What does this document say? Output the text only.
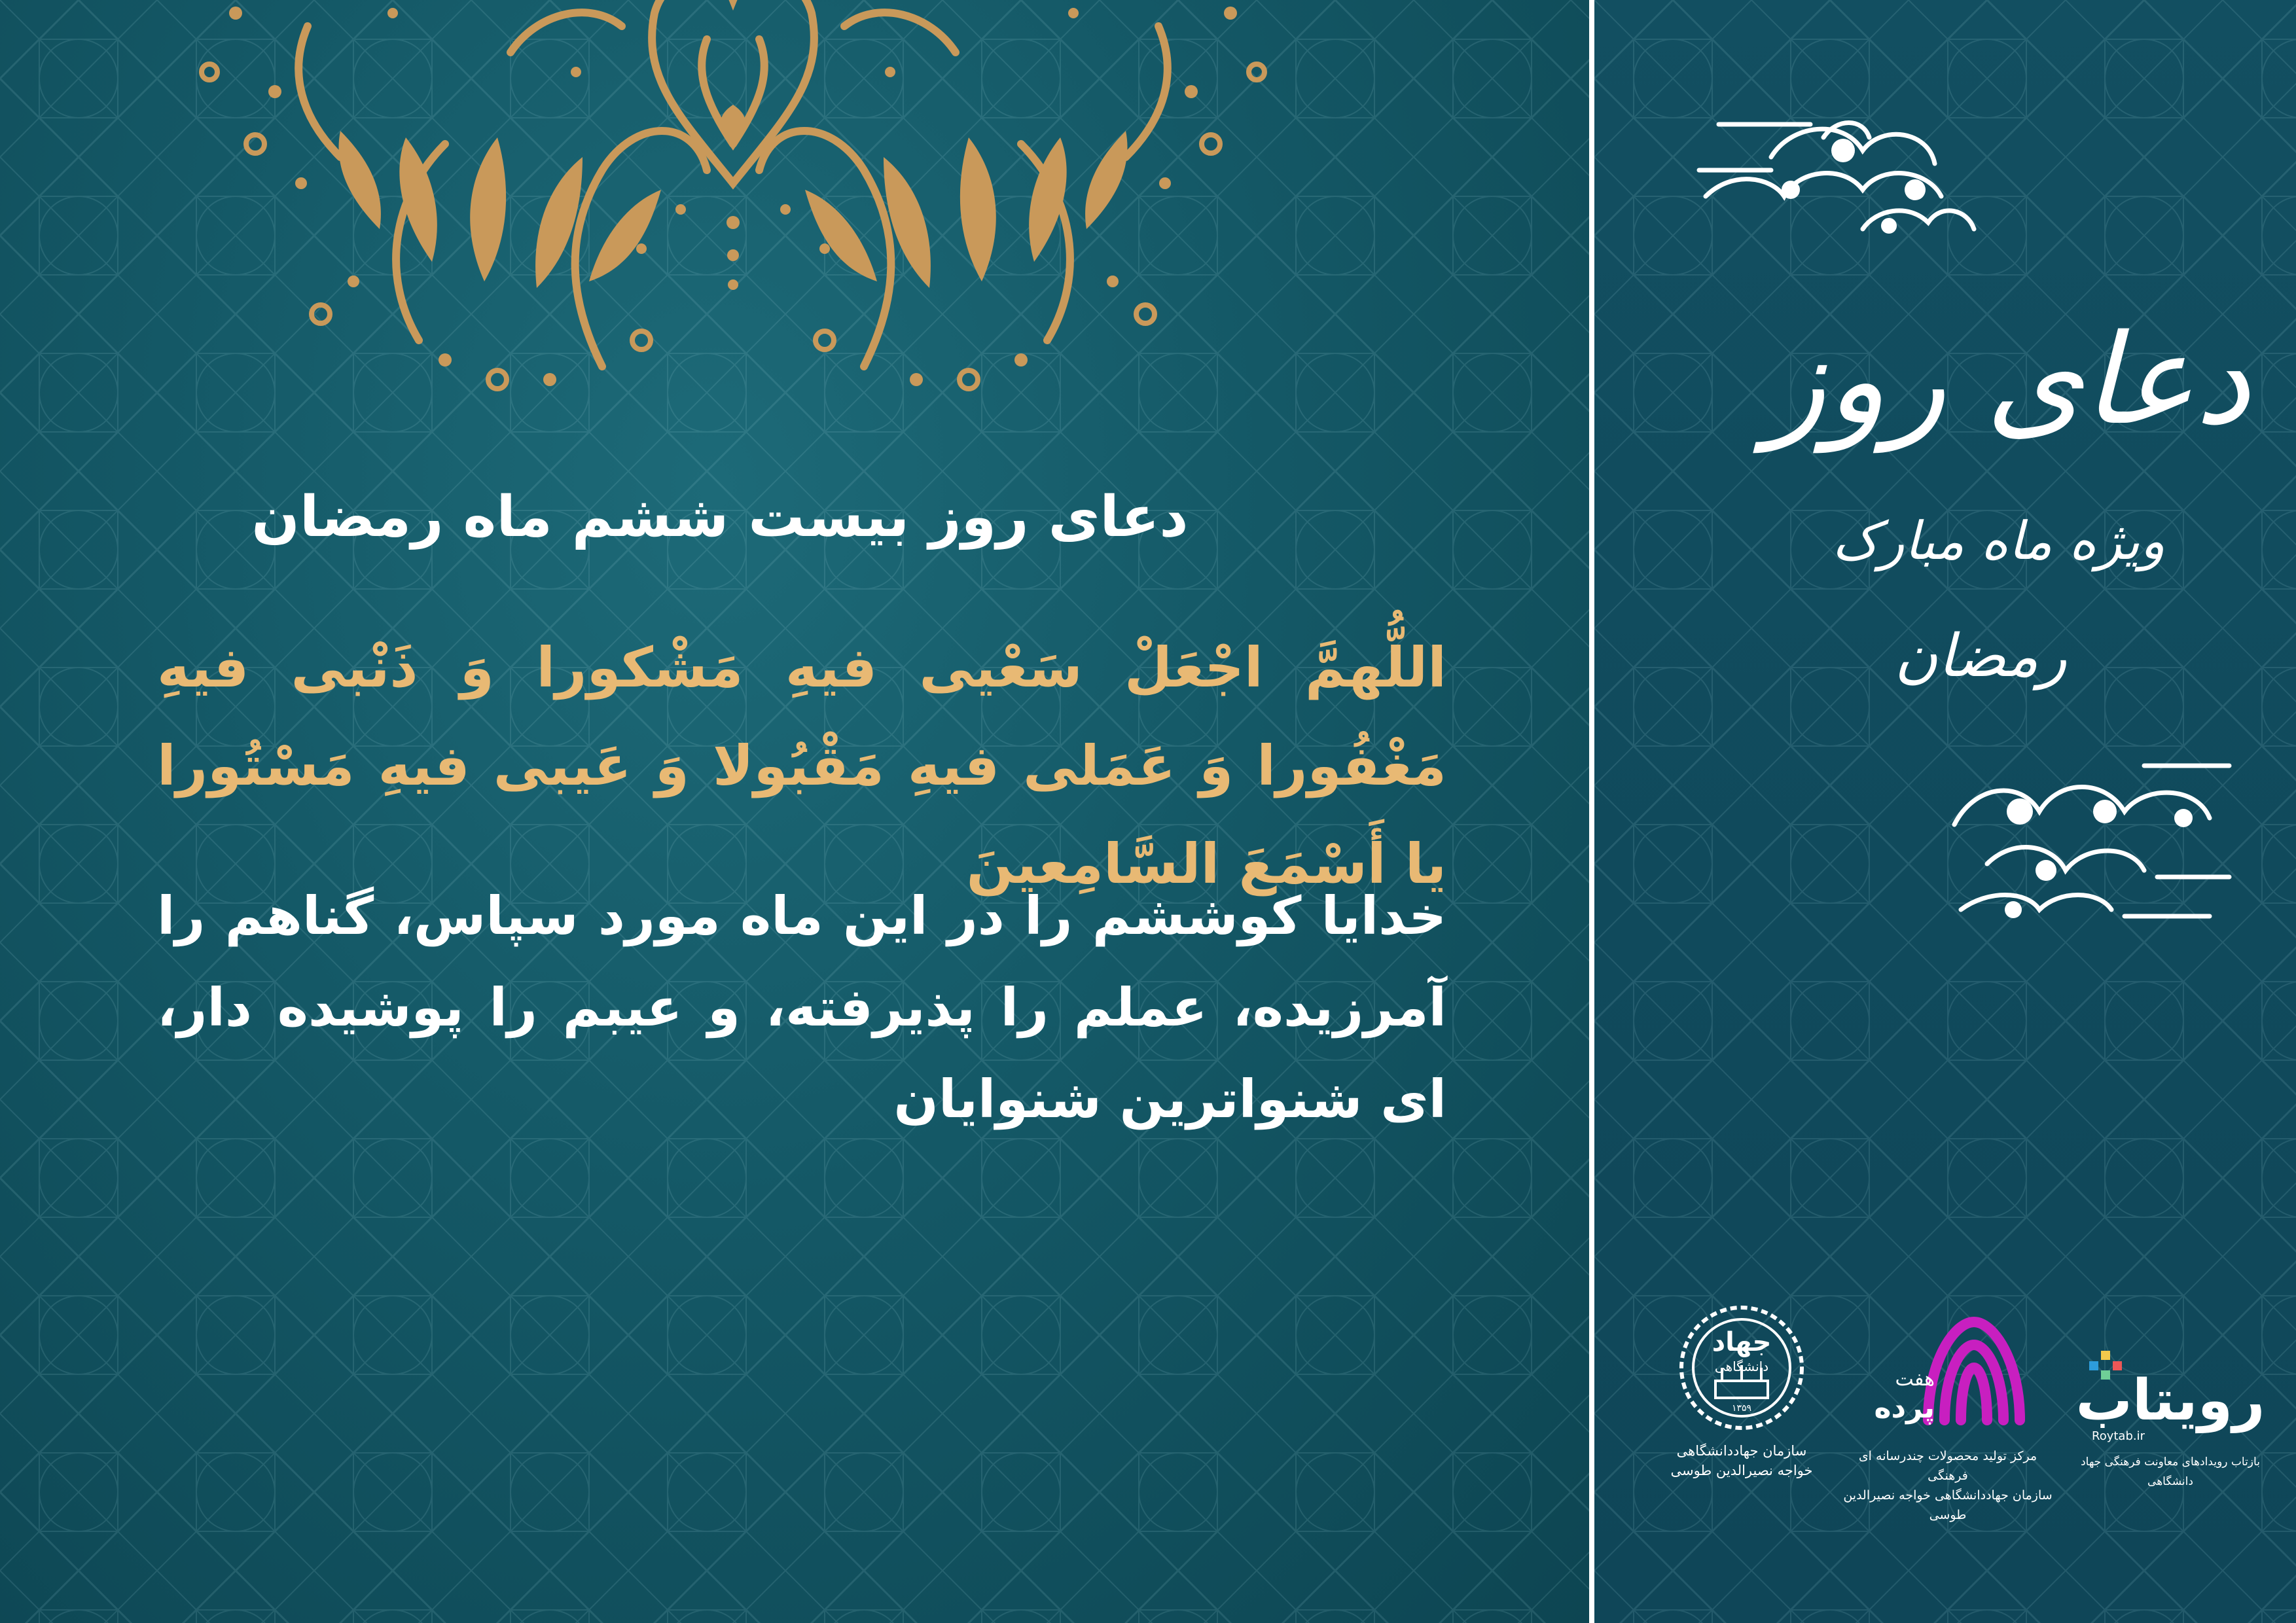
دعای روز بیست ششم ماه رمضان
اللُّهمَّ اجْعَلْ سَعْيى فيهِ مَشْكورا وَ ذَنْبى فيهِ مَغْفُورا وَ عَمَلى فيهِ مَقْبُولا وَ عَيبى فيهِ مَسْتُورا يا أَسْمَعَ السَّامِعينَ
خدايا كوششم را در اين ماه مورد سپاس، گناهم را آمرزيده، عملم را پذيرفته، و عيبم را پوشيده دار، اى شنواترين شنوايان
دعای روز
ویژه ماه مبارک
رمضان
جهاد
دانشگاهی
۱۳۵۹
سازمان جهاددانشگاهی
خواجه نصیرالدین طوسی
هفت
پرده
مرکز تولید محصولات چندرسانه ای فرهنگی
سازمان جهاددانشگاهی خواجه نصیرالدین طوسی
رویتاب
Roytab.ir
بازتاب رویدادهای معاونت فرهنگی جهاد دانشگاهی
